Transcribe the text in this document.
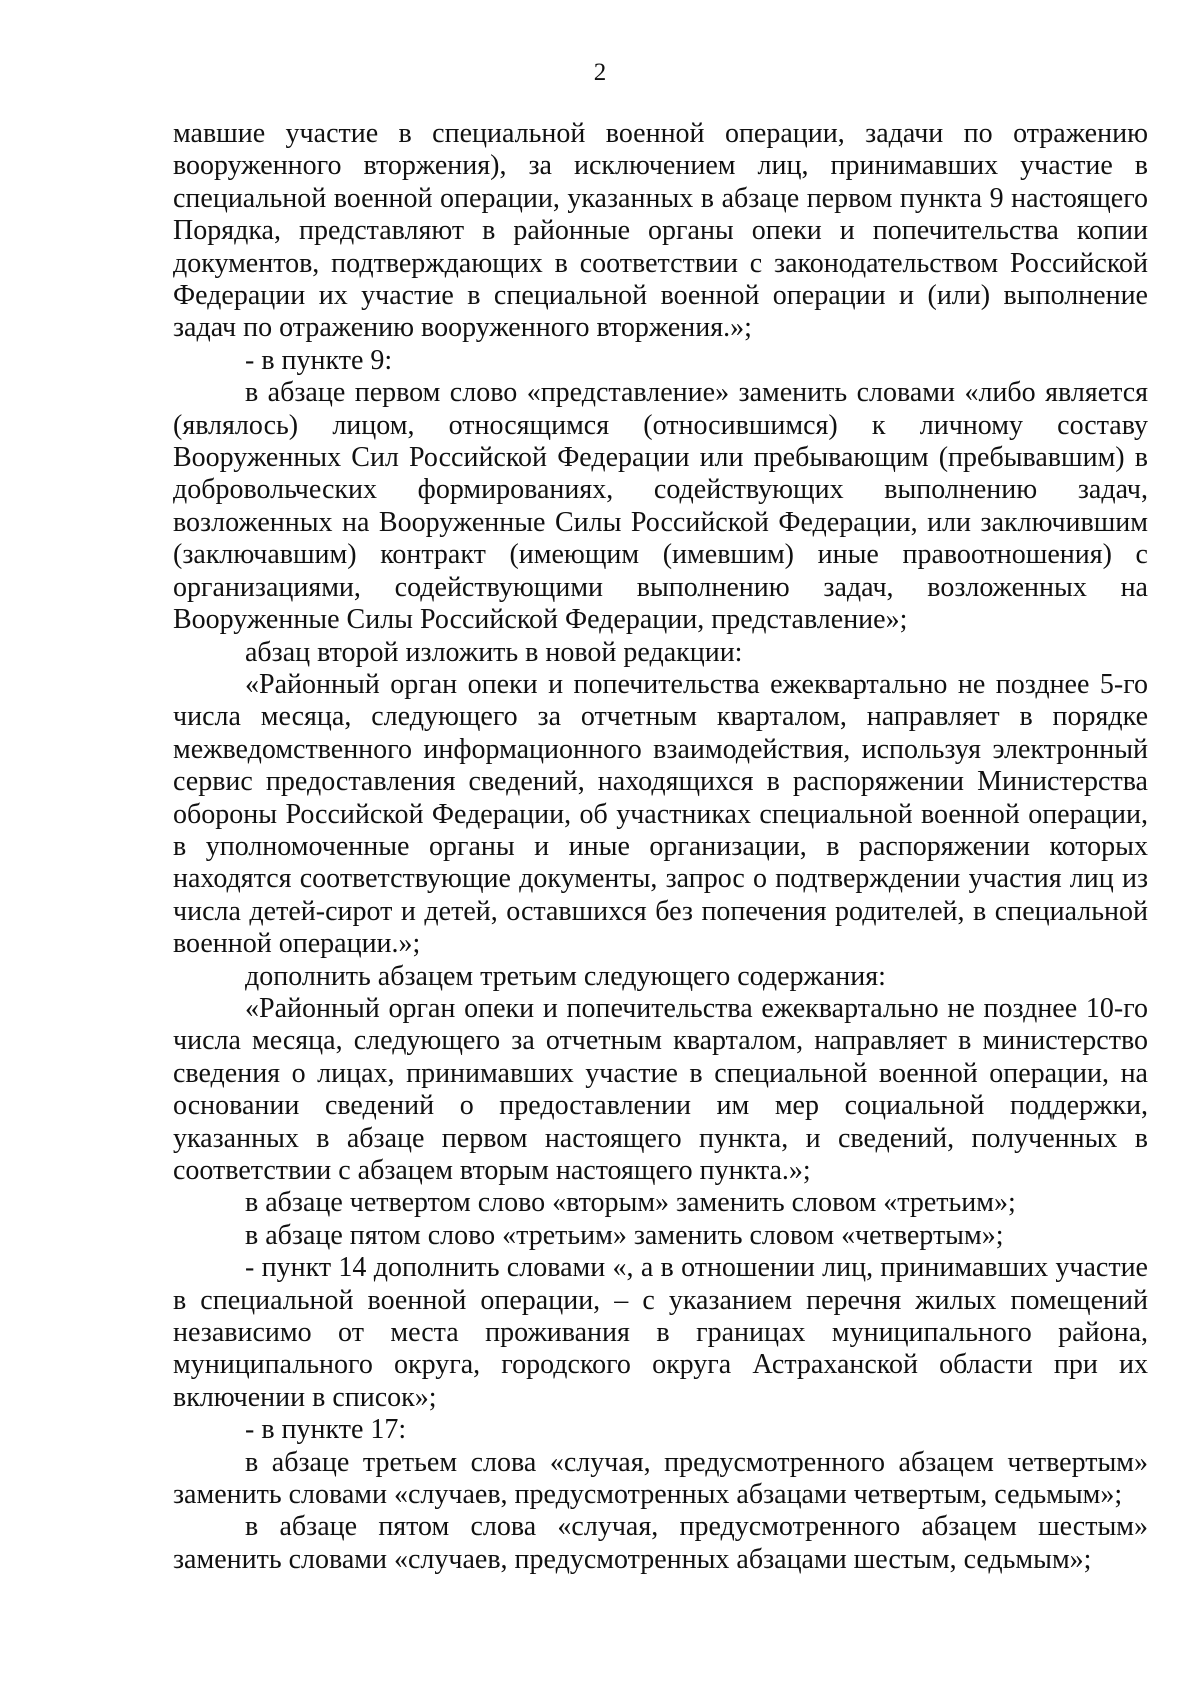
2

мавшие участие в специальной военной операции, задачи по отражению вооруженного вторжения), за исключением лиц, принимавших участие в специальной военной операции, указанных в абзаце первом пункта 9 настоящего Порядка, представляют в районные органы опеки и попечительства копии документов, подтверждающих в соответствии с законодательством Российской Федерации их участие в специальной военной операции и (или) выполнение задач по отражению вооруженного вторжения.»;

- в пункте 9:

в абзаце первом слово «представление» заменить словами «либо является (являлось) лицом, относящимся (относившимся) к личному составу Вооруженных Сил Российской Федерации или пребывающим (пребывавшим) в добровольческих формированиях, содействующих выполнению задач, возложенных на Вооруженные Силы Российской Федерации, или заключившим (заключавшим) контракт (имеющим (имевшим) иные правоотношения) с организациями, содействующими выполнению задач, возложенных на Вооруженные Силы Российской Федерации, представление»;

абзац второй изложить в новой редакции:

«Районный орган опеки и попечительства ежеквартально не позднее 5-го числа месяца, следующего за отчетным кварталом, направляет в порядке межведомственного информационного взаимодействия, используя электронный сервис предоставления сведений, находящихся в распоряжении Министерства обороны Российской Федерации, об участниках специальной военной операции, в уполномоченные органы и иные организации, в распоряжении которых находятся соответствующие документы, запрос о подтверждении участия лиц из числа детей-сирот и детей, оставшихся без попечения родителей, в специальной военной операции.»;

дополнить абзацем третьим следующего содержания:

«Районный орган опеки и попечительства ежеквартально не позднее 10-го числа месяца, следующего за отчетным кварталом, направляет в министерство сведения о лицах, принимавших участие в специальной военной операции, на основании сведений о предоставлении им мер социальной поддержки, указанных в абзаце первом настоящего пункта, и сведений, полученных в соответствии с абзацем вторым настоящего пункта.»;

в абзаце четвертом слово «вторым» заменить словом «третьим»;

в абзаце пятом слово «третьим» заменить словом «четвертым»;

- пункт 14 дополнить словами «, а в отношении лиц, принимавших участие в специальной военной операции, – с указанием перечня жилых помещений независимо от места проживания в границах муниципального района, муниципального округа, городского округа Астраханской области при их включении в список»;

- в пункте 17:

в абзаце третьем слова «случая, предусмотренного абзацем четвертым» заменить словами «случаев, предусмотренных абзацами четвертым, седьмым»;

в абзаце пятом слова «случая, предусмотренного абзацем шестым» заменить словами «случаев, предусмотренных абзацами шестым, седьмым»;
